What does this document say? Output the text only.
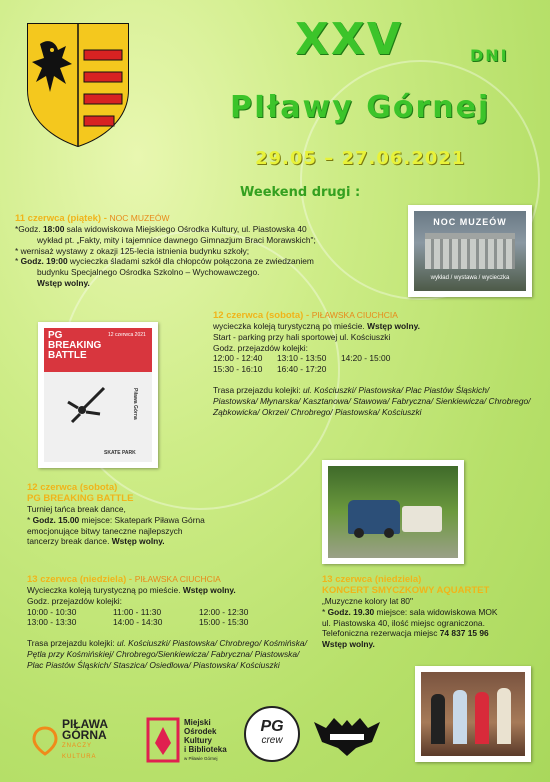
XXV	DNI
PIławy Górnej
29.05 – 27.06.2021
Weekend drugi :
11 czerwca (piątek) - NOC MUZEÓW
*Godz. 18:00 sala widowiskowa Miejskiego Ośrodka Kultury, ul. Piastowska 40
wykład pt. „Fakty, mity i tajemnice dawnego Gimnazjum Braci Morawskich";
* wernisaż wystawy z okazji 125-lecia istnienia budynku szkoły;
* Godz. 19:00 wycieczka śladami szkół dla chłopców połączona ze zwiedzaniem
budynku Specjalnego Ośrodka Szkolno – Wychowawczego.
Wstęp wolny.
NOC MUZEÓW
wykład / wystawa / wycieczka
12 czerwca (sobota) - PIŁAWSKA CIUCHCIA
wycieczka koleją turystyczną po mieście. Wstęp wolny.
Start - parking przy hali sportowej ul. Kościuszki
Godz. przejazdów kolejki:
12:00 - 12:40	13:10 - 13:50	14:20 - 15:00
15:30 - 16:10	16:40 - 17:20
Trasa przejazdu kolejki: ul. Kościuszki/ Piastowska/ Plac Piastów Śląskich/ Piastowska/ Młynarska/ Kasztanowa/ Stawowa/ Fabryczna/ Sienkiewicza/ Chrobrego/ Ząbkowicka/ Okrzei/ Chrobrego/ Piastowska/ Kościuszki
PG
BREAKING
BATTLE
12 czerwca 2021
Piława Górna
SKATE PARK
12 czerwca (sobota)
PG BREAKING BATTLE
Turniej tańca break dance,
* Godz. 15.00 miejsce: Skatepark Piława Górna
emocjonujące bitwy taneczne najlepszych
tancerzy break dance. Wstęp wolny.
13 czerwca (niedziela) - PIŁAWSKA CIUCHCIA
Wycieczka koleją turystyczną po mieście. Wstęp wolny.
Godz. przejazdów kolejki:
10:00 - 10:30	11:00 - 11:30	12:00 - 12:30
13:00 - 13:30	14:00 - 14:30	15:00 - 15:30
Trasa przejazdu kolejki: ul. Kościuszki/ Piastowska/ Chrobrego/ Kośmińska/ Pętla przy Kośmińskiej/ Chrobrego/Sienkiewicza/ Fabryczna/ Piastowska/ Plac Piastów Śląskich/ Staszica/ Osiedlowa/ Piastowska/ Kościuszki
13 czerwca (niedziela)
KONCERT SMYCZKOWY AQUARTET
„Muzyczne kolory lat 80"
* Godz. 19.30 miejsce: sala widowiskowa MOK
ul. Piastowska 40, ilość miejsc ograniczona.
Telefoniczna rezerwacja miejsc 74 837 15 96
Wstęp wolny.
PIŁAWA
GÓRNA
ZNACZY
KULTURA
Miejski
Ośrodek
Kultury
i Biblioteka
w Piławie Górnej
PG
crew
